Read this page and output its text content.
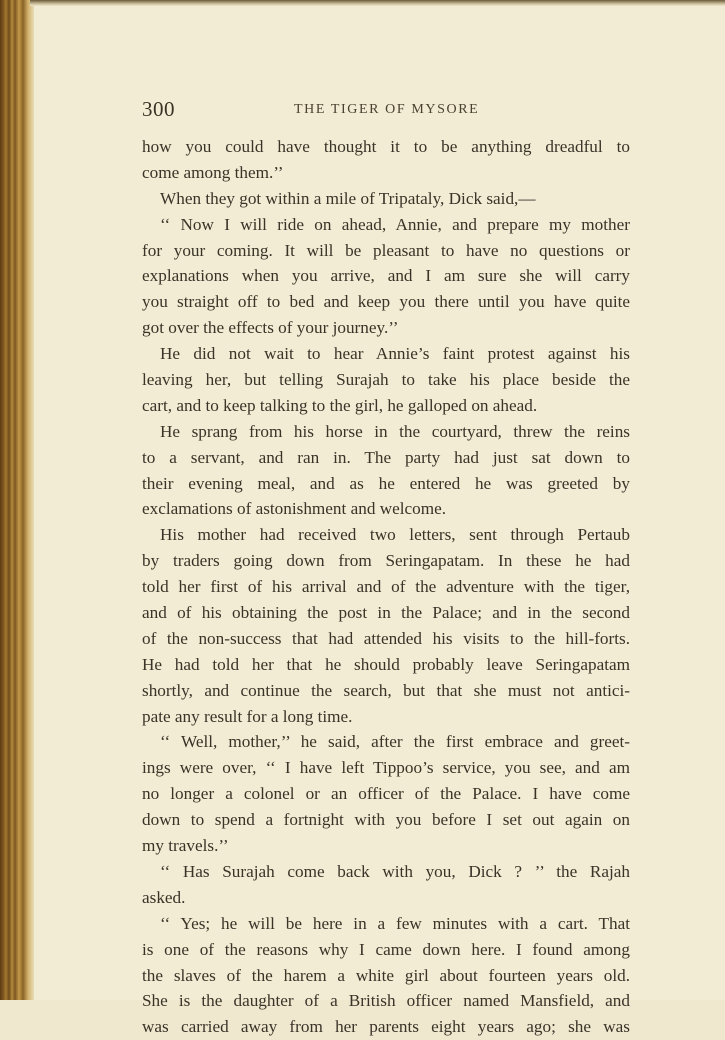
300	THE TIGER OF MYSORE
how you could have thought it to be anything dreadful to
come among them.’’
When they got within a mile of Tripataly, Dick said,—
‘‘ Now I will ride on ahead, Annie, and prepare my mother
for your coming. It will be pleasant to have no questions or
explanations when you arrive, and I am sure she will carry
you straight off to bed and keep you there until you have quite
got over the effects of your journey.’’
He did not wait to hear Annie’s faint protest against his
leaving her, but telling Surajah to take his place beside the
cart, and to keep talking to the girl, he galloped on ahead.
He sprang from his horse in the courtyard, threw the reins
to a servant, and ran in. The party had just sat down to
their evening meal, and as he entered he was greeted by
exclamations of astonishment and welcome.
His mother had received two letters, sent through Pertaub
by traders going down from Seringapatam. In these he had
told her first of his arrival and of the adventure with the tiger,
and of his obtaining the post in the Palace; and in the second
of the non-success that had attended his visits to the hill-forts.
He had told her that he should probably leave Seringapatam
shortly, and continue the search, but that she must not antici-
pate any result for a long time.
‘‘ Well, mother,’’ he said, after the first embrace and greet-
ings were over, ‘‘ I have left Tippoo’s service, you see, and am
no longer a colonel or an officer of the Palace. I have come
down to spend a fortnight with you before I set out again on
my travels.’’
‘‘ Has Surajah come back with you, Dick ? ’’ the Rajah
asked.
‘‘ Yes; he will be here in a few minutes with a cart. That
is one of the reasons why I came down here. I found among
the slaves of the harem a white girl about fourteen years old.
She is the daughter of a British officer named Mansfield, and
was carried away from her parents eight years ago; she was
